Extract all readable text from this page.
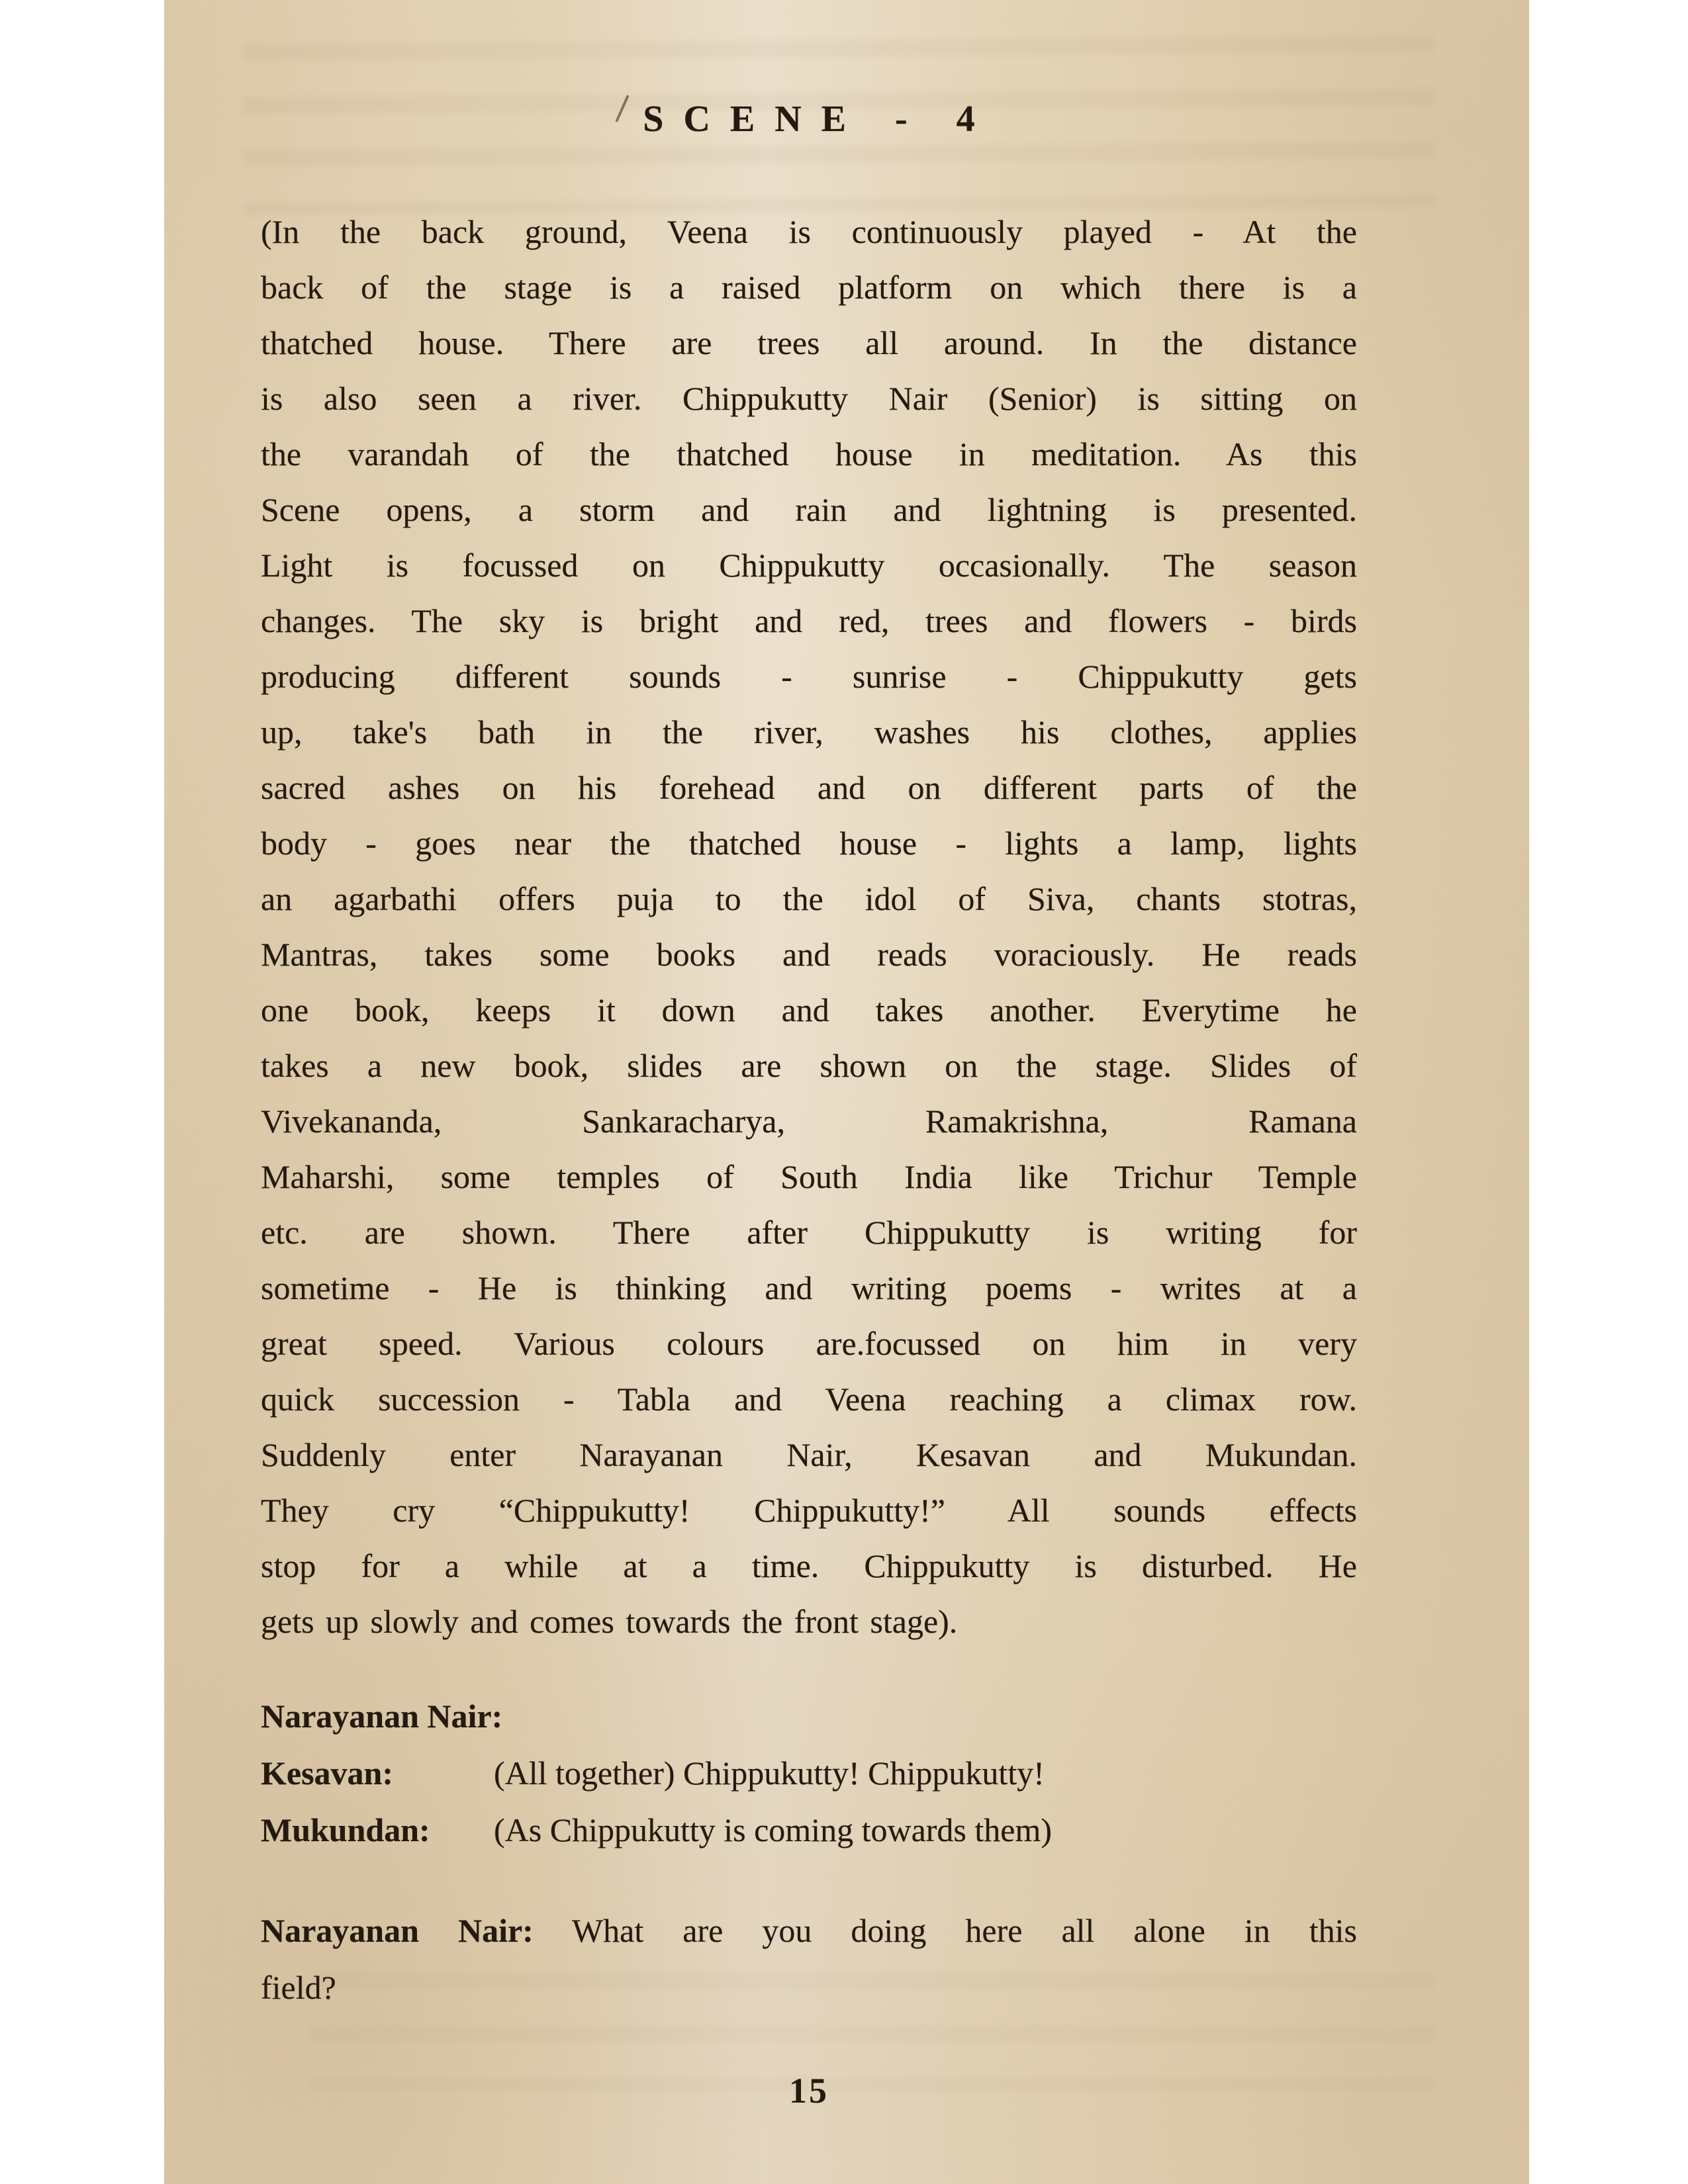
SCENE - 4
(In the back ground, Veena is continuously played - At the
back of the stage is a raised platform on which there is a
thatched house. There are trees all around. In the distance
is also seen a river. Chippukutty Nair (Senior) is sitting on
the varandah of the thatched house in meditation. As this
Scene opens, a storm and rain and lightning is presented.
Light is focussed on Chippukutty occasionally. The season
changes. The sky is bright and red, trees and flowers - birds
producing different sounds - sunrise - Chippukutty gets
up, take's bath in the river, washes his clothes, applies
sacred ashes on his forehead and on different parts of the
body - goes near the thatched house - lights a lamp, lights
an agarbathi offers puja to the idol of Siva, chants stotras,
Mantras, takes some books and reads voraciously. He reads
one book, keeps it down and takes another. Everytime he
takes a new book, slides are shown on the stage. Slides of
Vivekananda, Sankaracharya, Ramakrishna, Ramana
Maharshi, some temples of South India like Trichur Temple
etc. are shown. There after Chippukutty is writing for
sometime - He is thinking and writing poems - writes at a
great speed. Various colours are.focussed on him in very
quick succession - Tabla and Veena reaching a climax row.
Suddenly enter Narayanan Nair, Kesavan and Mukundan.
They cry “Chippukutty! Chippukutty!” All sounds effects
stop for a while at a time. Chippukutty is disturbed. He
gets up slowly and comes towards the front stage).
Narayanan Nair:
Kesavan:	(All together) Chippukutty! Chippukutty!
Mukundan:	(As Chippukutty is coming towards them)
Narayanan Nair: What are you doing here all alone in this
field?
15
